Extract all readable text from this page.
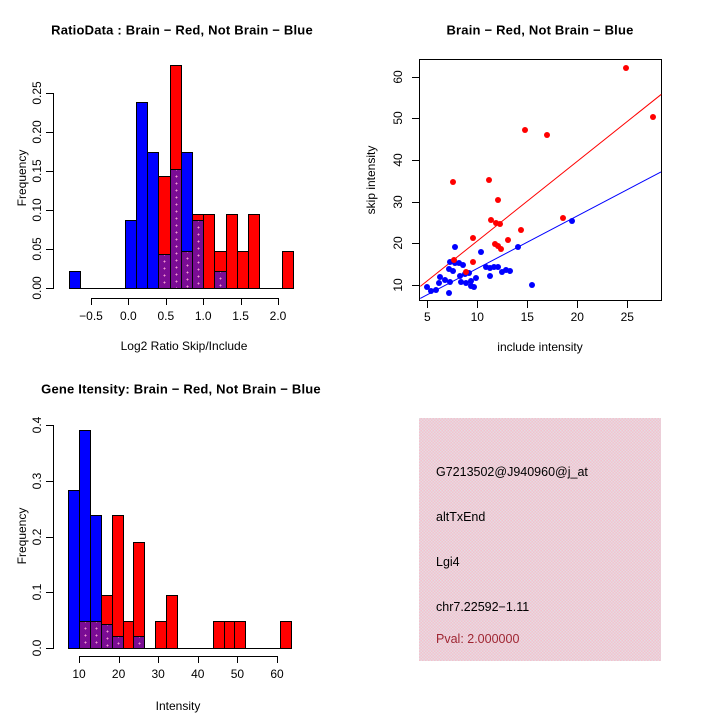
0.00
0.05
0.10
0.15
0.20
0.25
−0.5 0.0 0.5 1.0 1.5 2.0
0.0
0.1
0.2
0.3
0.4
10 20 30 40 50 60
5	10	15	20	25
10
20
30
40
50
60
RatioData : Brain − Red, Not Brain − Blue
Log2 Ratio Skip/Include
Frequency
Brain − Red, Not Brain − Blue
include intensity
skip intensity
Gene Itensity: Brain − Red, Not Brain − Blue
Intensity
Frequency
G7213502@J940960@j_at
altTxEnd
Lgi4
chr7.22592−1.11
Pval: 2.000000
